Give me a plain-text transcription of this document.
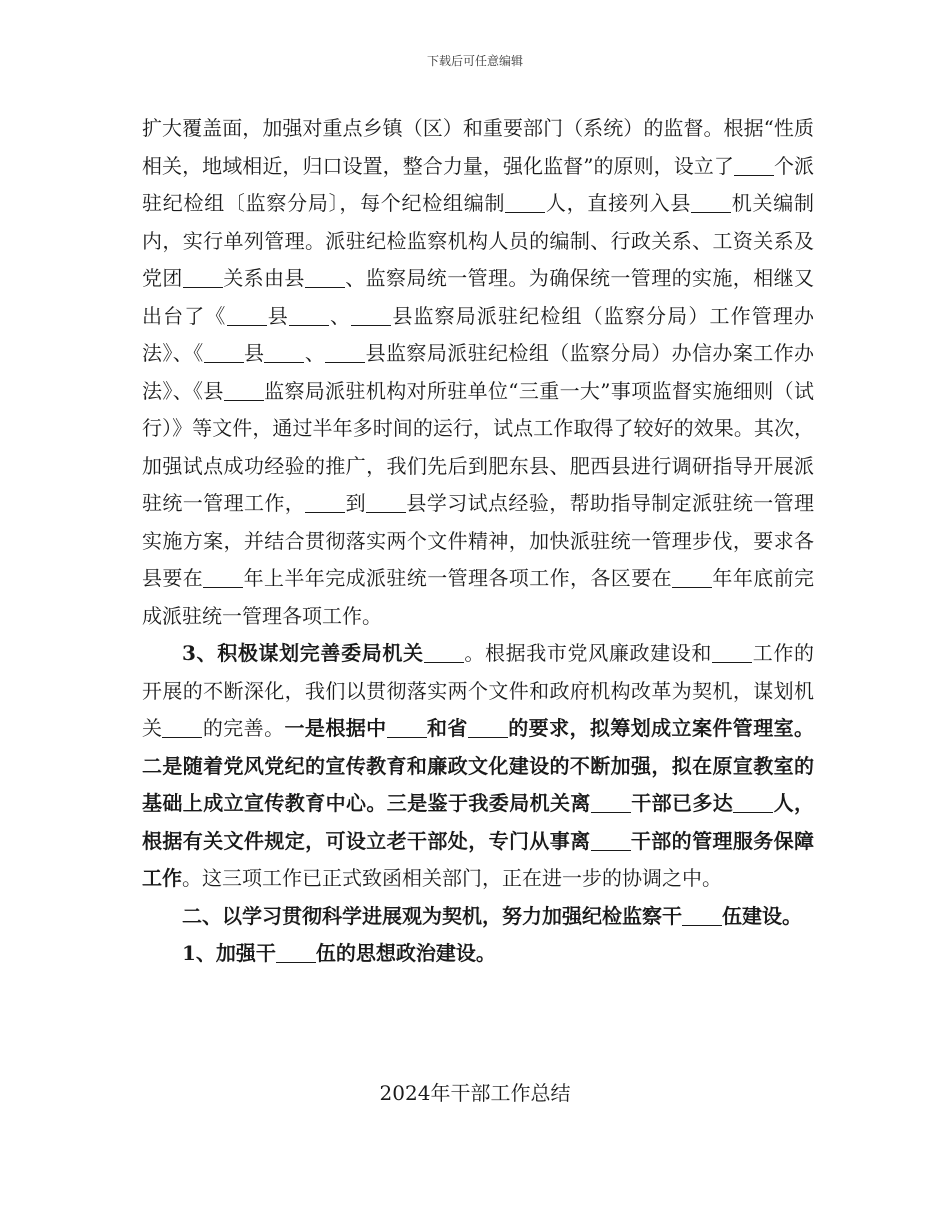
下载后可任意编辑

扩大覆盖面，加强对重点乡镇（区）和重要部门（系统）的监督。根据“性质相关，地域相近，归口设置，整合力量，强化监督”的原则，设立了 个派驻纪检组〔监察分局〕，每个纪检组编制 人，直接列入县 机关编制内，实行单列管理。派驻纪检监察机构人员的编制、行政关系、工资关系及党团 关系由县 、监察局统一管理。为确保统一管理的实施，相继又出台了《 县 、 县监察局派驻纪检组（监察分局）工作管理办法》、《 县 、 县监察局派驻纪检组（监察分局）办信办案工作办法》、《县 监察局派驻机构对所驻单位“三重一大”事项监督实施细则（试行）》等文件，通过半年多时间的运行，试点工作取得了较好的效果。其次，加强试点成功经验的推广，我们先后到肥东县、肥西县进行调研指导开展派驻统一管理工作， 到 县学习试点经验，帮助指导制定派驻统一管理实施方案，并结合贯彻落实两个文件精神，加快派驻统一管理步伐，要求各县要在 年上半年完成派驻统一管理各项工作，各区要在 年年底前完成派驻统一管理各项工作。

3、积极谋划完善委局机关 。根据我市党风廉政建设和 工作的开展的不断深化，我们以贯彻落实两个文件和政府机构改革为契机，谋划机关 的完善。一是根据中 和省 的要求，拟筹划成立案件管理室。二是随着党风党纪的宣传教育和廉政文化建设的不断加强，拟在原宣教室的基础上成立宣传教育中心。三是鉴于我委局机关离 干部已多达 人，根据有关文件规定，可设立老干部处，专门从事离 干部的管理服务保障工作。这三项工作已正式致函相关部门，正在进一步的协调之中。

二、以学习贯彻科学进展观为契机，努力加强纪检监察干 伍建设。

1、加强干 伍的思想政治建设。

2024年干部工作总结
